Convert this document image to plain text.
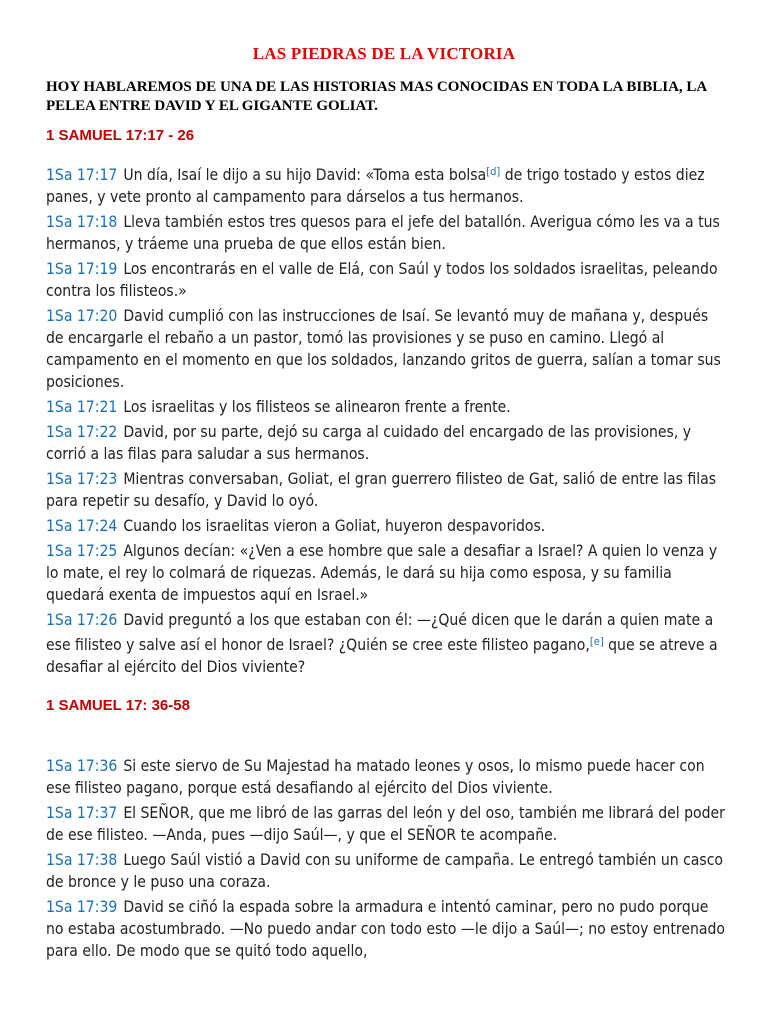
LAS PIEDRAS DE LA VICTORIA
HOY HABLAREMOS DE UNA DE LAS HISTORIAS MAS CONOCIDAS EN TODA LA BIBLIA, LA PELEA ENTRE DAVID Y EL GIGANTE GOLIAT.
1 SAMUEL 17:17 - 26

1Sa 17:17 Un día, Isaí le dijo a su hijo David: «Toma esta bolsa [ $^d$ ] de trigo tostado y estos diez panes, y vete pronto al campamento para dárselos a tus hermanos.

1Sa 17:18 Lleva también estos tres quesos para el jefe del batallón. Averigua cómo les va a tus hermanos, y tráeme una prueba de que ellos están bien.

1Sa 17:19 Los encontrarás en el valle de Elá, con Saúl y todos los soldados israelitas, peleando contra los filisteos.»

1Sa 17:20 David cumplió con las instrucciones de Isaí. Se levantó muy de mañana y, después de encargarle el rebaño a un pastor, tomó las provisiones y se puso en camino. Llegó al campamento en el momento en que los soldados, lanzando gritos de guerra, salían a tomar sus posiciones.

1Sa 17:21 Los israelitas y los filisteos se alinearon frente a frente.

1Sa 17:22 David, por su parte, dejó su carga al cuidado del encargado de las provisiones, y corrió a las filas para saludar a sus hermanos.

1Sa 17:23 Mientras conversaban, Goliat, el gran guerrero filisteo de Gat, salió de entre las filas para repetir su desafío, y David lo oyó.

1Sa 17:24 Cuando los israelitas vieron a Goliat, huyeron despavoridos.

1Sa 17:25 Algunos decían: «¿Ven a ese hombre que sale a desafiar a Israel? A quien lo venza y lo mate, el rey lo colmará de riquezas. Además, le dará su hija como esposa, y su familia quedará exenta de impuestos aquí en Israel.»

1Sa 17:26 David preguntó a los que estaban con él: —¿Qué dicen que le darán a quien mate a ese filisteo y salve así el honor de Israel? ¿Quién se cree este filisteo pagano, [ $^e$ ] que se atreve a desafiar al ejército del Dios viviente?

1 SAMUEL 17: 36-58

1Sa 17:36 Si este siervo de Su Majestad ha matado leones y osos, lo mismo puede hacer con ese filisteo pagano, porque está desafiando al ejército del Dios viviente.

1Sa 17:37 El SEÑOR, que me libró de las garras del león y del oso, también me librará del poder de ese filisteo. —Anda, pues —dijo Saúl—, y que el SEÑOR te acompañe.

1Sa 17:38 Luego Saúl vistió a David con su uniforme de campaña. Le entregó también un casco de bronce y le puso una coraza.

1Sa 17:39 David se ciñó la espada sobre la armadura e intentó caminar, pero no pudo porque no estaba acostumbrado. —No puedo andar con todo esto —le dijo a Saúl—; no estoy entrenado para ello. De modo que se quitó todo aquello,
